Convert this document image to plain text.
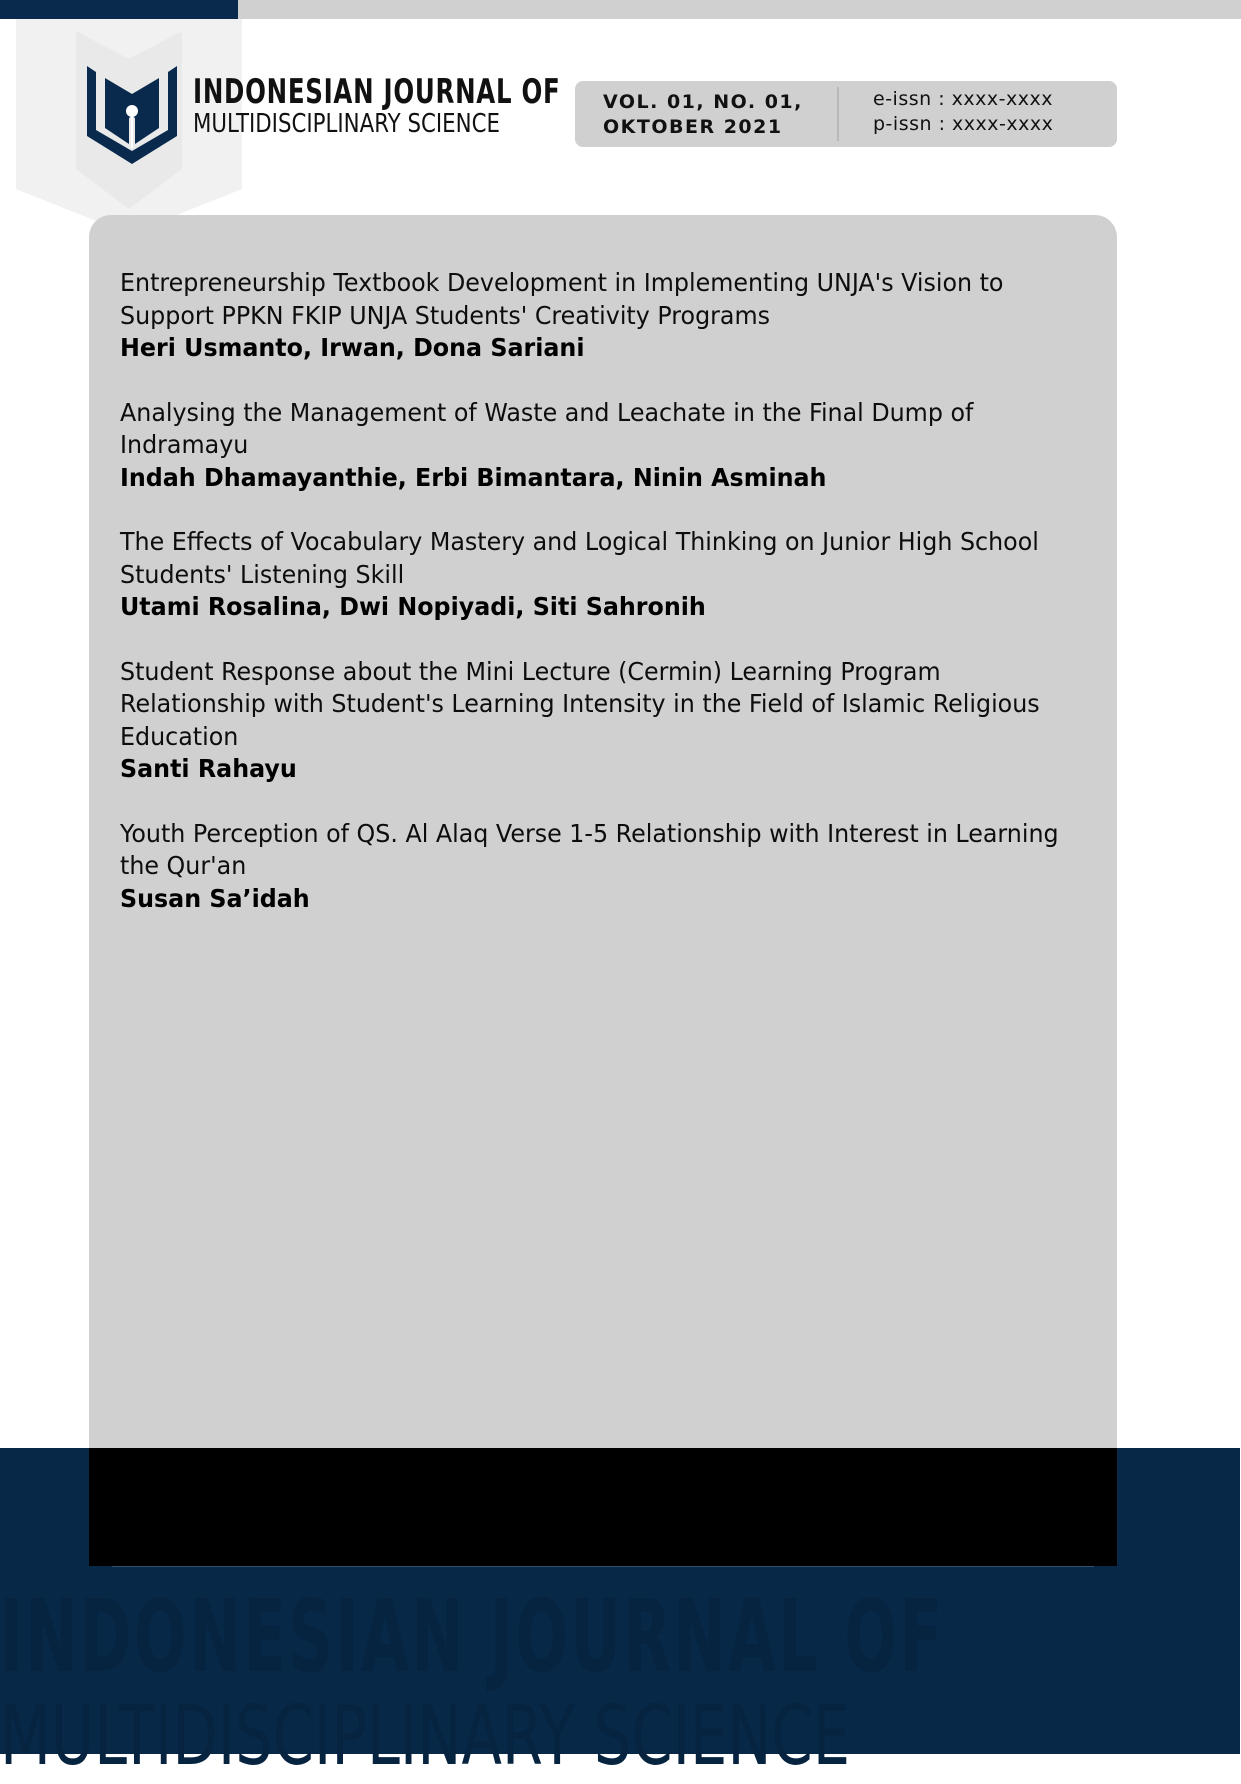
INDONESIAN JOURNAL OF
MULTIDISCIPLINARY SCIENCE
VOL. 01, NO. 01,
OKTOBER 2021
e-issn : xxxx-xxxx
p-issn : xxxx-xxxx
Entrepreneurship Textbook Development in Implementing UNJA's Vision to Support PPKN FKIP UNJA Students' Creativity Programs
Heri Usmanto, Irwan, Dona Sariani
Analysing the Management of Waste and Leachate in the Final Dump of Indramayu
Indah Dhamayanthie, Erbi Bimantara, Ninin Asminah
The Effects of Vocabulary Mastery and Logical Thinking on Junior High School Students' Listening Skill
Utami Rosalina, Dwi Nopiyadi, Siti Sahronih
Student Response about the Mini Lecture (Cermin) Learning Program Relationship with Student's Learning Intensity in the Field of Islamic Religious Education
Santi Rahayu
Youth Perception of QS. Al Alaq Verse 1-5 Relationship with Interest in Learning the Qur'an
Susan Sa’idah
INDONESIAN JOURNAL OF
MULTIDISCIPLINARY SCIENCE
